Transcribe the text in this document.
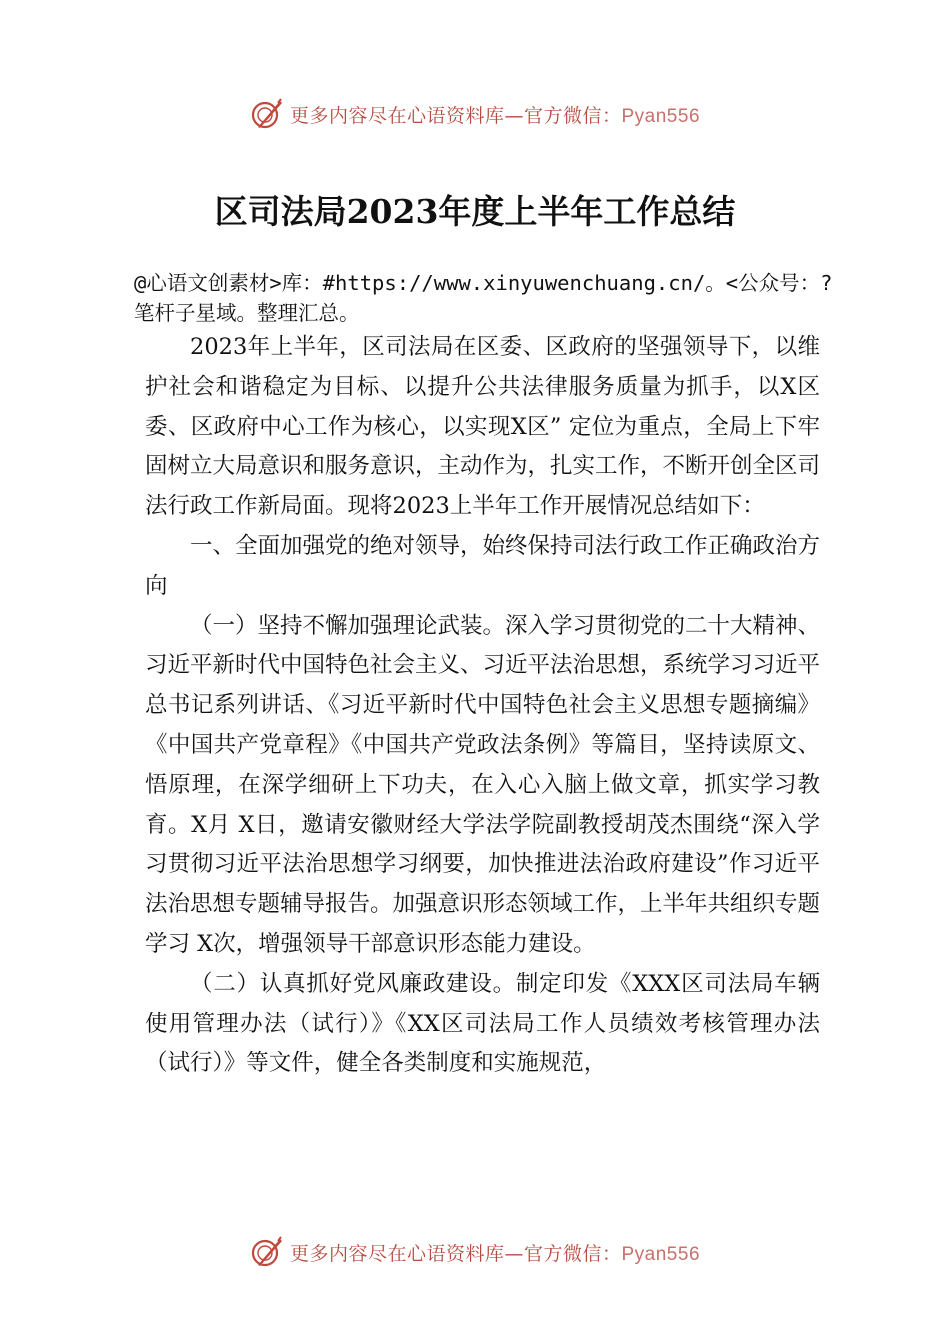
更多内容尽在心语资料库—官方微信：Pyan556
区司法局2023年度上半年工作总结

@心语文创素材>库：#https://www.xinyuwenchuang.cn/。<公众号：?笔杆子星域。整理汇总。

2023年上半年，区司法局在区委、区政府的坚强领导下，以维护社会和谐稳定为目标、以提升公共法律服务质量为抓手，以X区委、区政府中心工作为核心，以实现X区” 定位为重点，全局上下牢固树立大局意识和服务意识，主动作为，扎实工作，不断开创全区司法行政工作新局面。现将2023上半年工作开展情况总结如下：

一、全面加强党的绝对领导，始终保持司法行政工作正确政治方向

（一）坚持不懈加强理论武装。深入学习贯彻党的二十大精神、习近平新时代中国特色社会主义、习近平法治思想，系统学习习近平总书记系列讲话、《习近平新时代中国特色社会主义思想专题摘编》《中国共产党章程》《中国共产党政法条例》等篇目，坚持读原文、悟原理，在深学细研上下功夫，在入心入脑上做文章，抓实学习教育。X月 X日，邀请安徽财经大学法学院副教授胡茂杰围绕“深入学习贯彻习近平法治思想学习纲要，加快推进法治政府建设”作习近平法治思想专题辅导报告。加强意识形态领域工作，上半年共组织专题学习 X次，增强领导干部意识形态能力建设。

（二）认真抓好党风廉政建设。制定印发《XXX区司法局车辆使用管理办法（试行）》《XX区司法局工作人员绩效考核管理办法（试行）》等文件，健全各类制度和实施规范，

更多内容尽在心语资料库—官方微信：Pyan556
